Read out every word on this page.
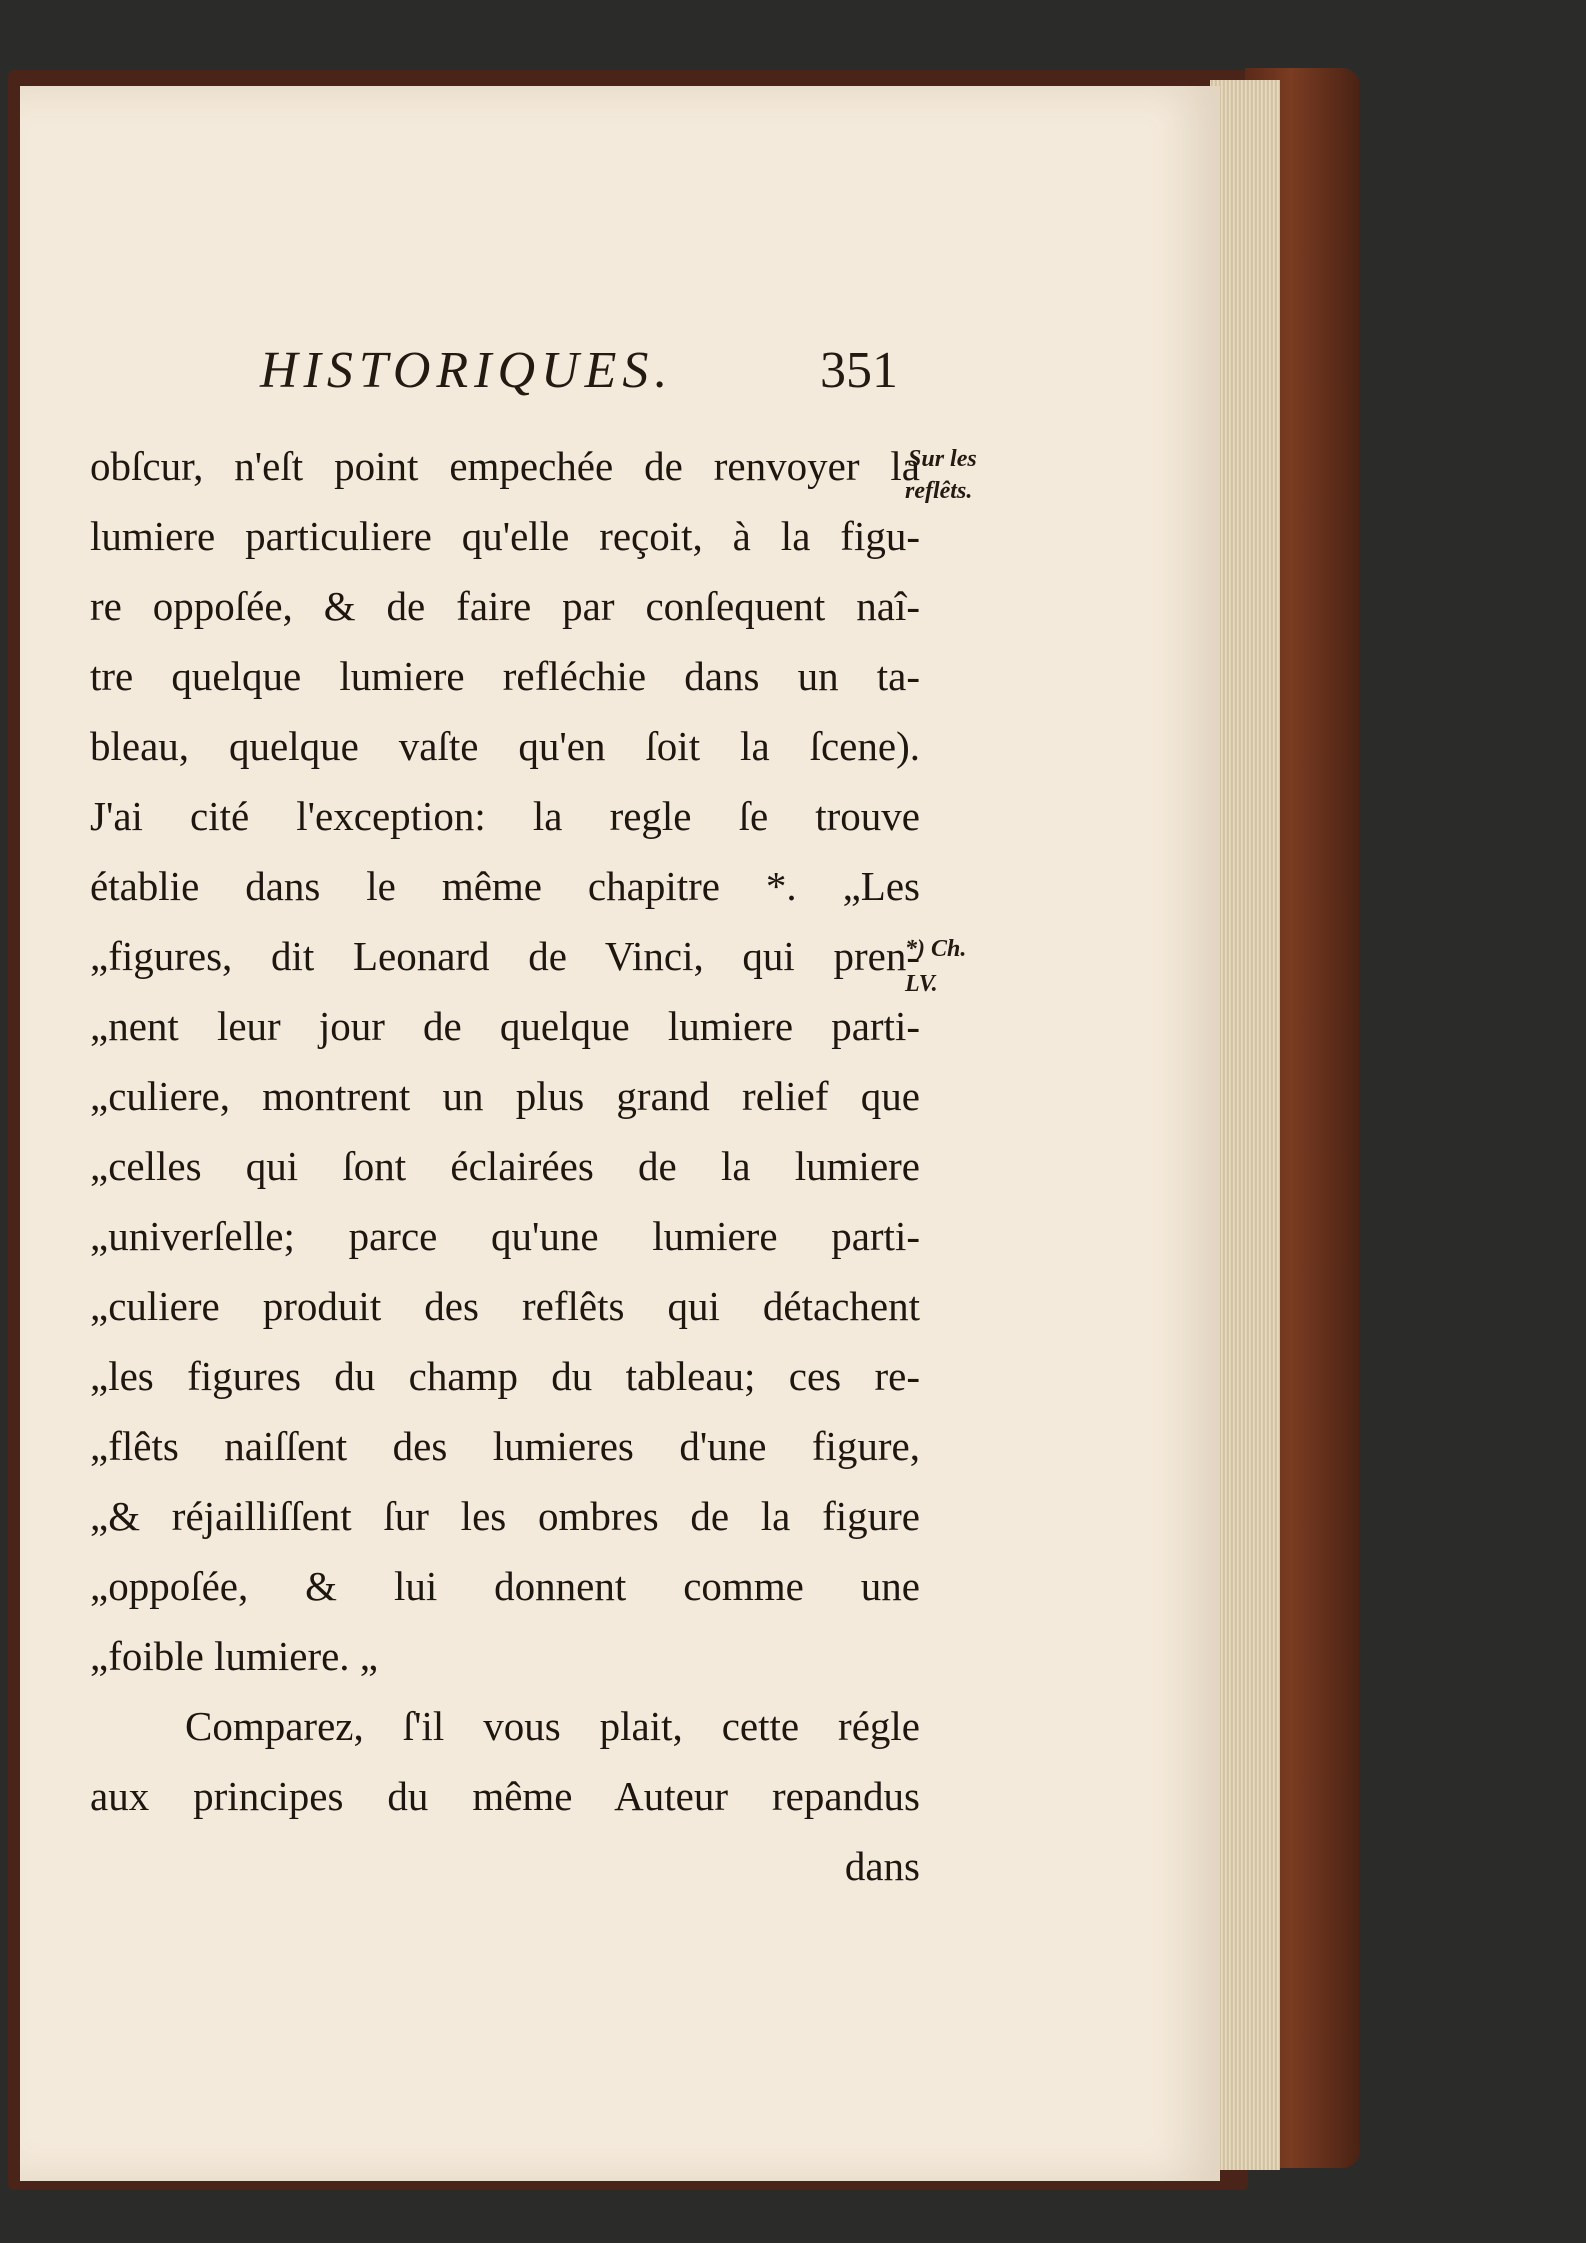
HISTORIQUES.	351
obſcur, n'eſt point empechée de renvoyer la
lumiere particuliere qu'elle reçoit, à la figu-
re oppoſée, & de faire par conſequent naî-
tre quelque lumiere refléchie dans un ta-
bleau, quelque vaſte qu'en ſoit la ſcene).
J'ai cité l'exception: la regle ſe trouve
établie dans le même chapitre *. „Les
„figures, dit Leonard de Vinci, qui pren-
„nent leur jour de quelque lumiere parti-
„culiere, montrent un plus grand relief que
„celles qui ſont éclairées de la lumiere
„univerſelle; parce qu'une lumiere parti-
„culiere produit des reflêts qui détachent
„les figures du champ du tableau; ces re-
„flêts naiſſent des lumieres d'une figure,
„& réjailliſſent ſur les ombres de la figure
„oppoſée, & lui donnent comme une
„foible lumiere. „
Comparez, ſ'il vous plait, cette régle
aux principes du même Auteur repandus
dans
Sur les
reflêts.
*) Ch.
LV.
